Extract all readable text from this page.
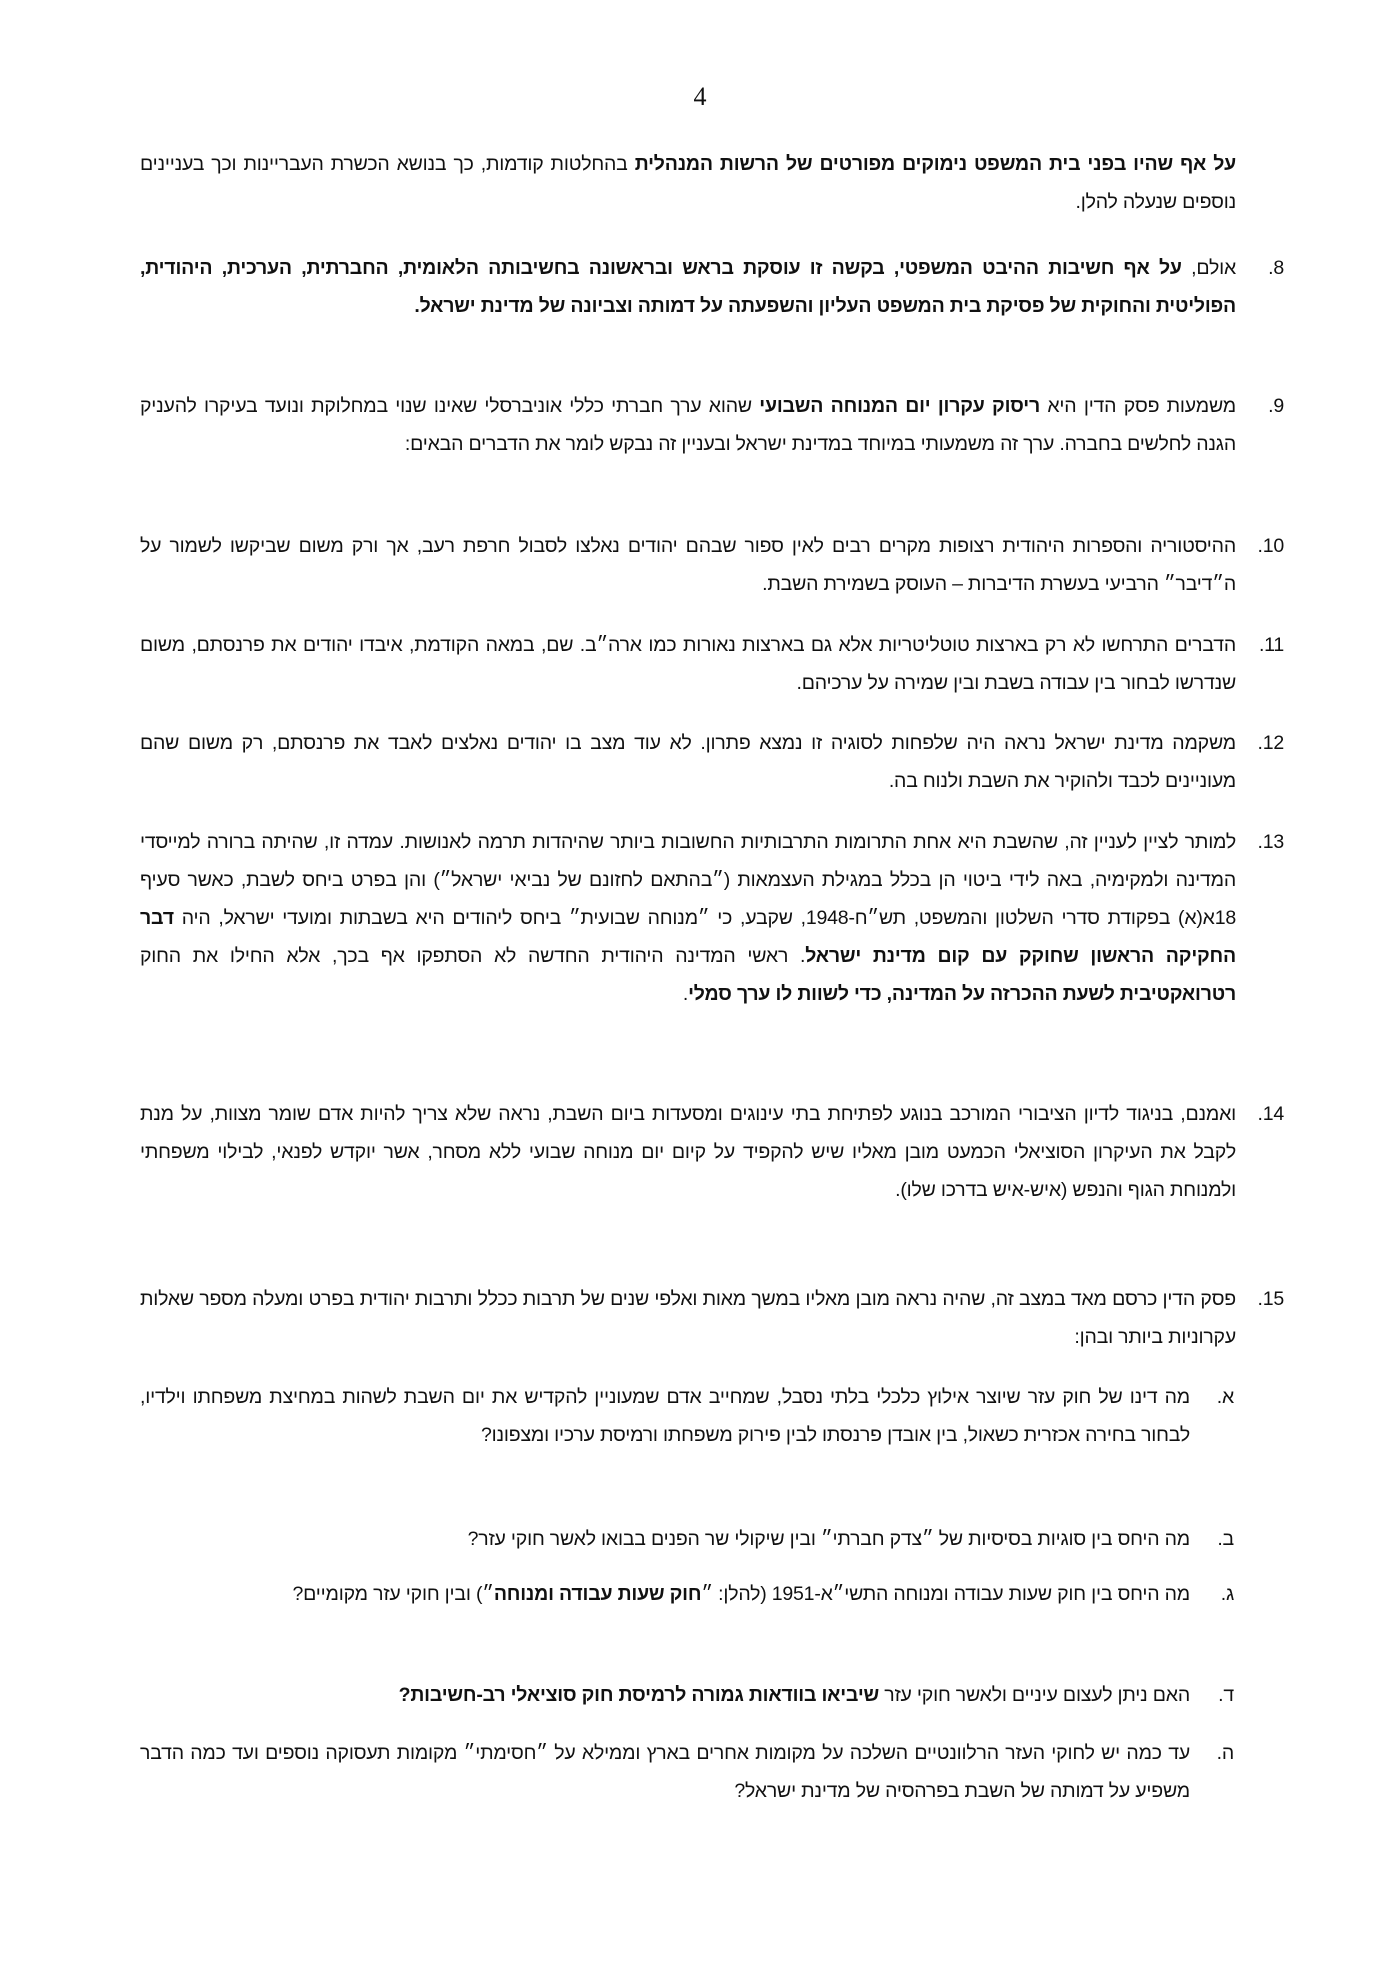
4
על אף שהיו בפני בית המשפט נימוקים מפורטים של הרשות המנהלית בהחלטות קודמות, כך בנושא הכשרת העבריינות וכך בעניינים נוספים שנעלה להלן.
8.
אולם, על אף חשיבות ההיבט המשפטי, בקשה זו עוסקת בראש ובראשונה בחשיבותה הלאומית, החברתית, הערכית, היהודית, הפוליטית והחוקית של פסיקת בית המשפט העליון והשפעתה על דמותה וצביונה של מדינת ישראל.
9.
משמעות פסק הדין היא ריסוק עקרון יום המנוחה השבועי שהוא ערך חברתי כללי אוניברסלי שאינו שנוי במחלוקת ונועד בעיקרו להעניק הגנה לחלשים בחברה. ערך זה משמעותי במיוחד במדינת ישראל ובעניין זה נבקש לומר את הדברים הבאים:
10.
ההיסטוריה והספרות היהודית רצופות מקרים רבים לאין ספור שבהם יהודים נאלצו לסבול חרפת רעב, אך ורק משום שביקשו לשמור על ה״דיבר״ הרביעי בעשרת הדיברות – העוסק בשמירת השבת.
11.
הדברים התרחשו לא רק בארצות טוטליטריות אלא גם בארצות נאורות כמו ארה״ב. שם, במאה הקודמת, איבדו יהודים את פרנסתם, משום שנדרשו לבחור בין עבודה בשבת ובין שמירה על ערכיהם.
12.
משקמה מדינת ישראל נראה היה שלפחות לסוגיה זו נמצא פתרון. לא עוד מצב בו יהודים נאלצים לאבד את פרנסתם, רק משום שהם מעוניינים לכבד ולהוקיר את השבת ולנוח בה.
13.
למותר לציין לעניין זה, שהשבת היא אחת התרומות התרבותיות החשובות ביותר שהיהדות תרמה לאנושות. עמדה זו, שהיתה ברורה למייסדי המדינה ולמקימיה, באה לידי ביטוי הן בכלל במגילת העצמאות (״בהתאם לחזונם של נביאי ישראל״) והן בפרט ביחס לשבת, כאשר סעיף 18א(א) בפקודת סדרי השלטון והמשפט, תש״ח-1948, שקבע, כי ״מנוחה שבועית״ ביחס ליהודים היא בשבתות ומועדי ישראל, היה דבר החקיקה הראשון שחוקק עם קום מדינת ישראל. ראשי המדינה היהודית החדשה לא הסתפקו אף בכך, אלא החילו את החוק רטרואקטיבית לשעת ההכרזה על המדינה, כדי לשוות לו ערך סמלי.
14.
ואמנם, בניגוד לדיון הציבורי המורכב בנוגע לפתיחת בתי עינוגים ומסעדות ביום השבת, נראה שלא צריך להיות אדם שומר מצוות, על מנת לקבל את העיקרון הסוציאלי הכמעט מובן מאליו שיש להקפיד על קיום יום מנוחה שבועי ללא מסחר, אשר יוקדש לפנאי, לבילוי משפחתי ולמנוחת הגוף והנפש (איש-איש בדרכו שלו).
15.
פסק הדין כרסם מאד במצב זה, שהיה נראה מובן מאליו במשך מאות ואלפי שנים של תרבות ככלל ותרבות יהודית בפרט ומעלה מספר שאלות עקרוניות ביותר ובהן:
א.
מה דינו של חוק עזר שיוצר אילוץ כלכלי בלתי נסבל, שמחייב אדם שמעוניין להקדיש את יום השבת לשהות במחיצת משפחתו וילדיו, לבחור בחירה אכזרית כשאול, בין אובדן פרנסתו לבין פירוק משפחתו ורמיסת ערכיו ומצפונו?
ב.
מה היחס בין סוגיות בסיסיות של ״צדק חברתי״ ובין שיקולי שר הפנים בבואו לאשר חוקי עזר?
ג.
מה היחס בין חוק שעות עבודה ומנוחה התשי״א-1951 (להלן: ״חוק שעות עבודה ומנוחה״) ובין חוקי עזר מקומיים?
ד.
האם ניתן לעצום עיניים ולאשר חוקי עזר שיביאו בוודאות גמורה לרמיסת חוק סוציאלי רב-חשיבות?
ה.
עד כמה יש לחוקי העזר הרלוונטיים השלכה על מקומות אחרים בארץ וממילא על ״חסימתי״ מקומות תעסוקה נוספים ועד כמה הדבר משפיע על דמותה של השבת בפרהסיה של מדינת ישראל?
